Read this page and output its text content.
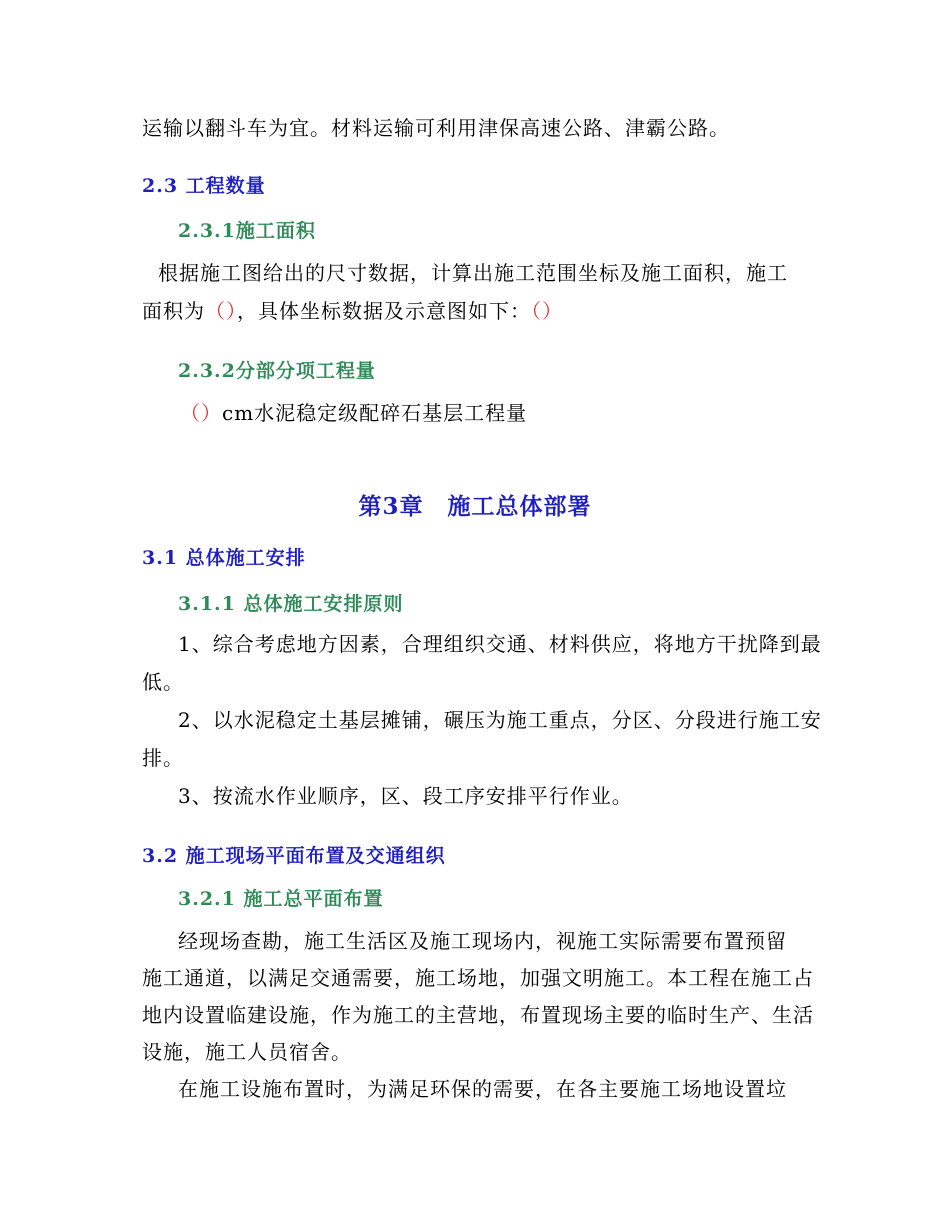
运输以翻斗车为宜。材料运输可利用津保高速公路、津霸公路。
2.3 工程数量
2.3.1施工面积
根据施工图给出的尺寸数据，计算出施工范围坐标及施工面积，施工
面积为（），具体坐标数据及示意图如下：（）
2.3.2分部分项工程量
（）cm水泥稳定级配碎石基层工程量
第3章　施工总体部署
3.1 总体施工安排
3.1.1 总体施工安排原则
1、综合考虑地方因素，合理组织交通、材料供应，将地方干扰降到最
低。
2、以水泥稳定土基层摊铺，碾压为施工重点，分区、分段进行施工安
排。
3、按流水作业顺序，区、段工序安排平行作业。
3.2 施工现场平面布置及交通组织
3.2.1 施工总平面布置
经现场查勘，施工生活区及施工现场内，视施工实际需要布置预留
施工通道，以满足交通需要，施工场地，加强文明施工。本工程在施工占
地内设置临建设施，作为施工的主营地，布置现场主要的临时生产、生活
设施，施工人员宿舍。
在施工设施布置时，为满足环保的需要，在各主要施工场地设置垃
